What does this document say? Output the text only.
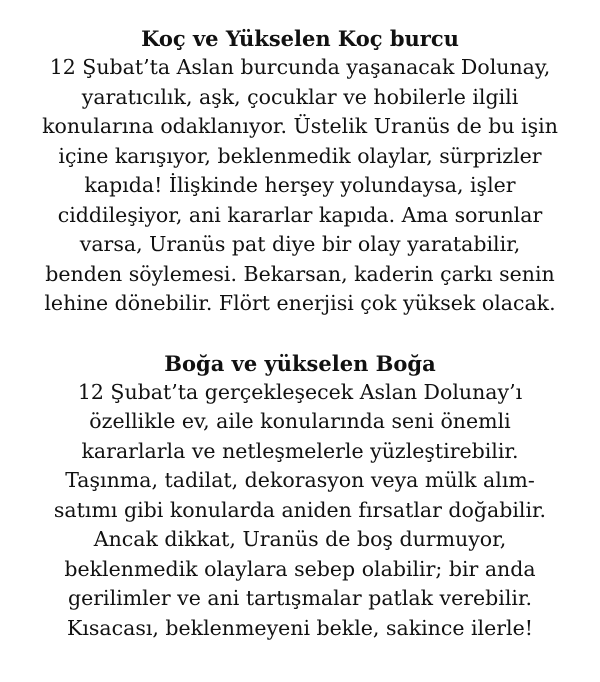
Koç ve Yükselen Koç burcu

12 Şubat’ta Aslan burcunda yaşanacak Dolunay,
yaratıcılık, aşk, çocuklar ve hobilerle ilgili
konularına odaklanıyor. Üstelik Uranüs de bu işin
içine karışıyor, beklenmedik olaylar, sürprizler
kapıda! İlişkinde herşey yolundaysa, işler
ciddileşiyor, ani kararlar kapıda. Ama sorunlar
varsa, Uranüs pat diye bir olay yaratabilir,
benden söylemesi. Bekarsan, kaderin çarkı senin
lehine dönebilir. Flört enerjisi çok yüksek olacak.

Boğa ve yükselen Boğa

12 Şubat’ta gerçekleşecek Aslan Dolunay’ı
özellikle ev, aile konularında seni önemli
kararlarla ve netleşmelerle yüzleştirebilir.
Taşınma, tadilat, dekorasyon veya mülk alım-
satımı gibi konularda aniden fırsatlar doğabilir.
Ancak dikkat, Uranüs de boş durmuyor,
beklenmedik olaylara sebep olabilir; bir anda
gerilimler ve ani tartışmalar patlak verebilir.
Kısacası, beklenmeyeni bekle, sakince ilerle!
